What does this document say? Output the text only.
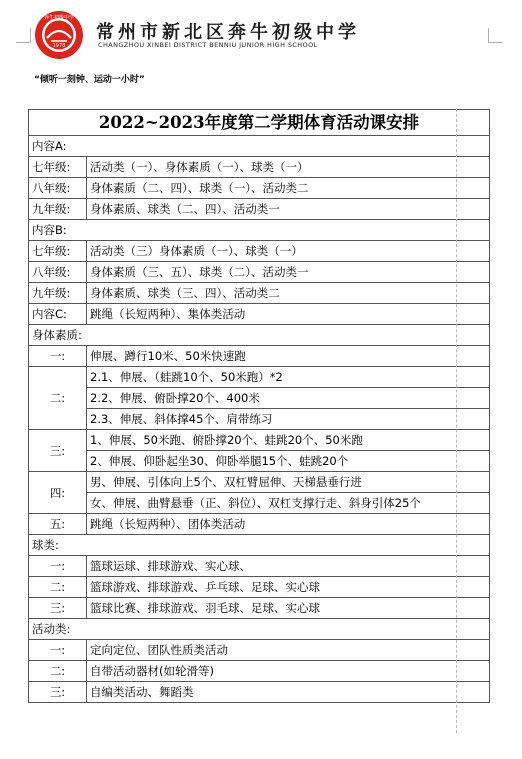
奔牛初级中学
1978
常州市新北区奔牛初级中学
CHANGZHOU XINBEI DISTRICT BENNIU JUNIOR HIGH SCHOOL
“倾听一刻钟、运动一小时”
2022~2023年度第二学期体育活动课安排	
内容A:	
七年级:	活动类（一）、身体素质（一）、球类（一）
八年级:	身体素质（二、四）、球类（一）、活动类二
九年级:	身体素质、球类（二、四）、活动类一
内容B:	
七年级:	活动类（三）身体素质（一）、球类（一）
八年级:	身体素质（三、五）、球类（二）、活动类一
九年级:	身体素质、球类（三、四）、活动类二
内容C:	跳绳（长短两种）、集体类活动
身体素质:	
一:	伸展、蹲行10米、50米快速跑
二:	2.1、伸展、（蛙跳10个、50米跑）*2
	2.2、伸展、俯卧撑20个、400米
	2.3、伸展、斜体撑45个、肩带练习
三:	1、伸展、50米跑、俯卧撑20个、蛙跳20个、50米跑
	2、伸展、仰卧起坐30、仰卧举腿15个、蛙跳20个
四:	男、伸展、引体向上5个、双杠臂屈伸、天梯悬垂行进
	女、伸展、曲臂悬垂（正、斜位）、双杠支撑行走、斜身引体25个
五:	跳绳（长短两种）、团体类活动
球类:	
一:	篮球运球、排球游戏、实心球、
二:	篮球游戏、排球游戏、乒乓球、足球、实心球
三:	篮球比赛、排球游戏、羽毛球、足球、实心球
活动类:	
一:	定向定位、团队性质类活动
二:	自带活动器材(如轮滑等)
三:	自编类活动、舞蹈类
